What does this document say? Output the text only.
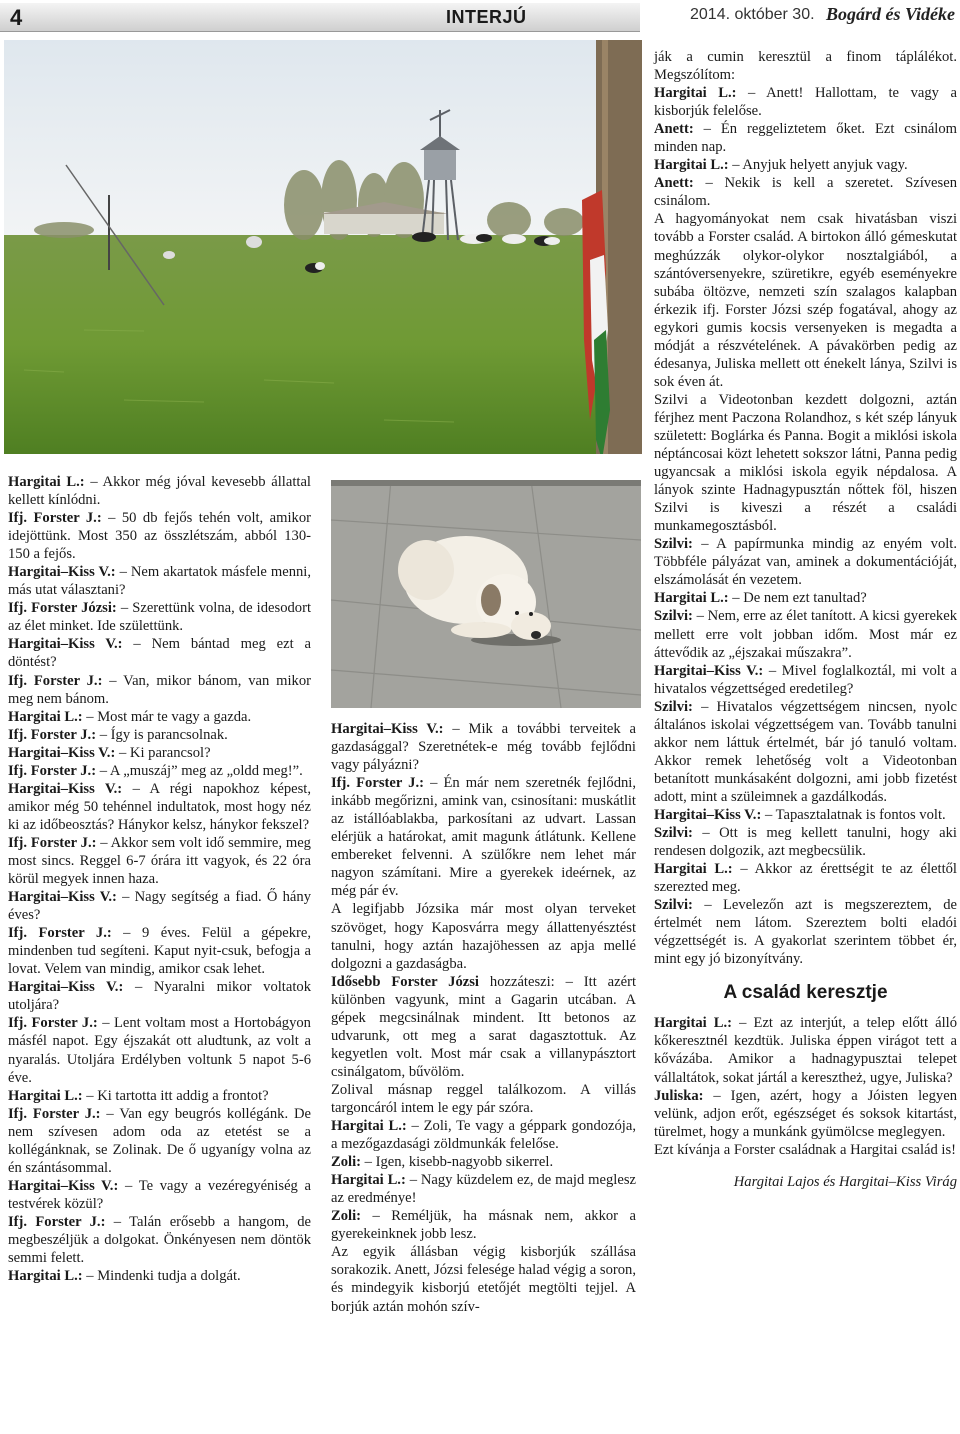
4	INTERJÚ	2014. október 30. Bogárd és Vidéke

Hargitai L.: – Akkor még jóval kevesebb állattal kellett kínlódni.

Ifj. Forster J.: – 50 db fejős tehén volt, amikor idejöttünk. Most 350 az összlétszám, abból 130-150 a fejős.

Hargitai–Kiss V.: – Nem akartatok másfele menni, más utat választani?

Ifj. Forster Józsi: – Szerettünk volna, de idesodort az élet minket. Ide születtünk.

Hargitai–Kiss V.: – Nem bántad meg ezt a döntést?

Ifj. Forster J.: – Van, mikor bánom, van mikor meg nem bánom.

Hargitai L.: – Most már te vagy a gazda.

Ifj. Forster J.: – Így is parancsolnak.

Hargitai–Kiss V.: – Ki parancsol?

Ifj. Forster J.: – A „muszáj” meg az „oldd meg!”.

Hargitai–Kiss V.: – A régi napokhoz képest, amikor még 50 tehénnel indultatok, most hogy néz ki az időbeosztás? Hánykor kelsz, hánykor fekszel?

Ifj. Forster J.: – Akkor sem volt idő semmire, meg most sincs. Reggel 6-7 órára itt vagyok, és 22 óra körül megyek innen haza.

Hargitai–Kiss V.: – Nagy segítség a fiad. Ő hány éves?

Ifj. Forster J.: – 9 éves. Felül a gépekre, mindenben tud segíteni. Kaput nyit-csuk, befogja a lovat. Velem van mindig, amikor csak lehet.

Hargitai–Kiss V.: – Nyaralni mikor voltatok utoljára?

Ifj. Forster J.: – Lent voltam most a Hortobágyon másfél napot. Egy éjszakát ott aludtunk, az volt a nyaralás. Utoljára Erdélyben voltunk 5 napot 5-6 éve.

Hargitai L.: – Ki tartotta itt addig a frontot?

Ifj. Forster J.: – Van egy beugrós kollégánk. De nem szívesen adom oda az etetést se a kollégánknak, se Zolinak. De ő ugyanígy volna az én szántásommal.

Hargitai–Kiss V.: – Te vagy a vezéregyéniség a testvérek közül?

Ifj. Forster J.: – Talán erősebb a hangom, de megbeszéljük a dolgokat. Önkényesen nem döntök semmi felett.

Hargitai L.: – Mindenki tudja a dolgát.

Hargitai–Kiss V.: – Mik a további terveitek a gazdasággal? Szeretnétek-e még tovább fejlődni vagy pályázni?

Ifj. Forster J.: – Én már nem szeretnék fejlődni, inkább megőrizni, amink van, csinosítani: muskátlit az istállóablakba, parkosítani az udvart. Lassan elérjük a határokat, amit magunk átlátunk. Kellene embereket felvenni. A szülőkre nem lehet már nagyon számítani. Mire a gyerekek ideérnek, az még pár év.

A legifjabb Józsika már most olyan terveket szövöget, hogy Kaposvárra megy állattenyésztést tanulni, hogy aztán hazajöhessen az apja mellé dolgozni a gazdaságba.

Idősebb Forster Józsi hozzáteszi: – Itt azért különben vagyunk, mint a Gagarin utcában. A gépek megcsinálnak mindent. Itt betonos az udvarunk, ott meg a sarat dagasztottuk. Az kegyetlen volt. Most már csak a villanypásztort csinálgatom, bűvölöm.

Zolival másnap reggel találkozom. A villás targoncáról intem le egy pár szóra.

Hargitai L.: – Zoli, Te vagy a géppark gondozója, a mezőgazdasági zöldmunkák felelőse.

Zoli: – Igen, kisebb-nagyobb sikerrel.

Hargitai L.: – Nagy küzdelem ez, de majd meglesz az eredménye!

Zoli: – Reméljük, ha másnak nem, akkor a gyerekeinknek jobb lesz.

Az egyik állásban végig kisborjúk szállása sorakozik. Anett, Józsi felesége halad végig a soron, és mindegyik kisborjú etetőjét megtölti tejjel. A borjúk aztán mohón szív-

ják a cumin keresztül a finom táplálékot. Megszólítom:

Hargitai L.: – Anett! Hallottam, te vagy a kisborjúk felelőse.

Anett: – Én reggeliztetem őket. Ezt csinálom minden nap.

Hargitai L.: – Anyjuk helyett anyjuk vagy.

Anett: – Nekik is kell a szeretet. Szívesen csinálom.

A hagyományokat nem csak hivatásban viszi tovább a Forster család. A birtokon álló gémeskutat meghúzzák olykor-olykor nosztalgiából, a szántóversenyekre, szüretikre, egyéb eseményekre subába öltözve, nemzeti szín szalagos kalapban érkezik ifj. Forster Józsi szép fogatával, ahogy az egykori gumis kocsis versenyeken is megadta a módját a részvételének. A pávakörben pedig az édesanya, Juliska mellett ott énekelt lánya, Szilvi is sok éven át.

Szilvi a Videotonban kezdett dolgozni, aztán férjhez ment Paczona Rolandhoz, s két szép lányuk született: Boglárka és Panna. Bogit a miklósi iskola néptáncosai közt lehetett sokszor látni, Panna pedig ugyancsak a miklósi iskola egyik népdalosa. A lányok szinte Hadnagypusztán nőttek föl, hiszen Szilvi is kiveszi a részét a családi munkamegosztásból.

Szilvi: – A papírmunka mindig az enyém volt. Többféle pályázat van, aminek a dokumentációját, elszámolását én vezetem.

Hargitai L.: – De nem ezt tanultad?

Szilvi: – Nem, erre az élet tanított. A kicsi gyerekek mellett erre volt jobban időm. Most már ez áttevődik az „éjszakai műszakra”.

Hargitai–Kiss V.: – Mivel foglalkoztál, mi volt a hivatalos végzettséged eredetileg?

Szilvi: – Hivatalos végzettségem nincsen, nyolc általános iskolai végzettségem van. Tovább tanulni akkor nem láttuk értelmét, bár jó tanuló voltam. Akkor remek lehetőség volt a Videotonban betanított munkásaként dolgozni, ami jobb fizetést adott, mint a szüleimnek a gazdálkodás.

Hargitai–Kiss V.: – Tapasztalatnak is fontos volt.

Szilvi: – Ott is meg kellett tanulni, hogy aki rendesen dolgozik, azt megbecsülik.

Hargitai L.: – Akkor az érettségit te az élettől szerezted meg.

Szilvi: – Levelezőn azt is megszereztem, de értelmét nem látom. Szereztem bolti eladói végzettségét is. A gyakorlat szerintem többet ér, mint egy jó bizonyítvány.

A család keresztje

Hargitai L.: – Ezt az interjút, a telep előtt álló kőkeresztnél kezdtük. Juliska éppen virágot tett a kővázába. Amikor a hadnagypusztai telepet vállaltátok, sokat jártál a keresztheż, ugye, Juliska?

Juliska: – Igen, azért, hogy a Jóisten legyen velünk, adjon erőt, egészséget és soksok kitartást, türelmet, hogy a munkánk gyümölcse meglegyen.

Ezt kívánja a Forster családnak a Hargitai család is!

Hargitai Lajos és Hargitai–Kiss Virág
